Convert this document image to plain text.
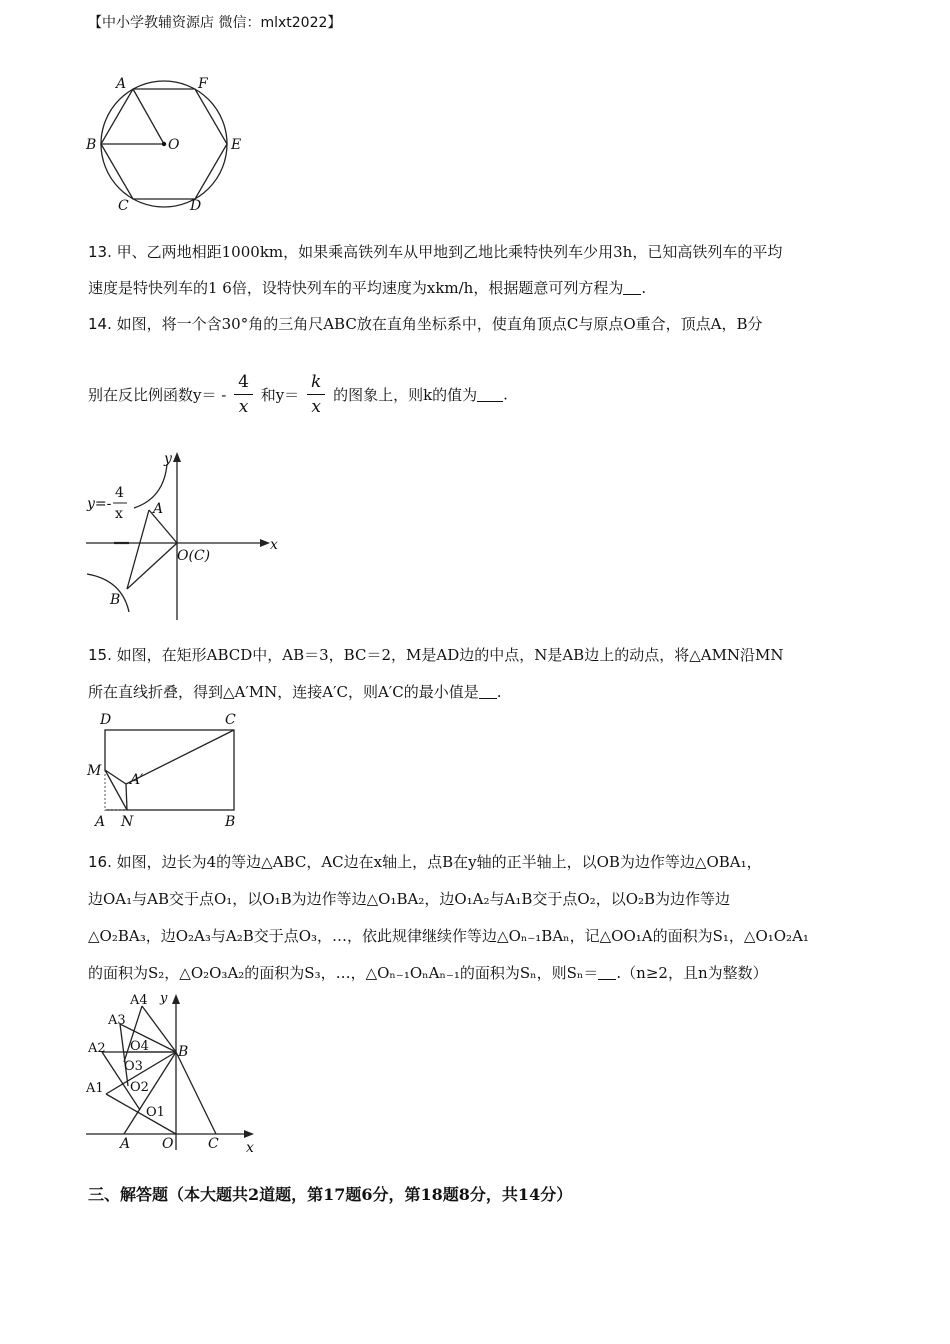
【中小学教辅资源店 微信：mlxt2022】
A	F
B	O	E
C	D
13. 甲、乙两地相距1000km，如果乘高铁列车从甲地到乙地比乘特快列车少用3h，已知高铁列车的平均
速度是特快列车的1 6倍，设特快列车的平均速度为xkm/h，根据题意可列方程为 .
14. 如图，将一个含30°角的三角尺ABC放在直角坐标系中，使直角顶点C与原点O重合，顶点A，B分
别在反比例函数$y= - \frac{4}{x}$ 和$y= \frac{k}{x}$ 的图象上，则k的值为 .
y=-
4
x A
B
O(C)
x
y
15. 如图，在矩形ABCD中，AB＝3，BC＝2，M是AD边的中点，N是AB边上的动点，将△AMN沿MN
所在直线折叠，得到△A′MN，连接A′C，则A′C的最小值是 .
D	C
M
A′
A N	B
16. 如图，边长为4的等边△ABC，AC边在x轴上，点B在y轴的正半轴上，以OB为边作等边△OBA₁，
边OA₁与AB交于点O₁，以O₁B为边作等边△O₁BA₂，边O₁A₂与A₁B交于点O₂，以O₂B为边作等边
△O₂BA₃，边O₂A₃与A₂B交于点O₃，…，依此规律继续作等边△Oₙ₋₁BAₙ，记△OO₁A的面积为S₁，△O₁O₂A₁
的面积为S₂，△O₂O₃A₂的面积为S₃，…，△Oₙ₋₁OₙAₙ₋₁的面积为Sₙ，则Sₙ＝ .（n≥2，且n为整数）
A4 y
A3
O4
A2	B
O3
O2
A1
O1
A O C x
三、解答题（本大题共2道题，第17题6分，第18题8分，共14分）
